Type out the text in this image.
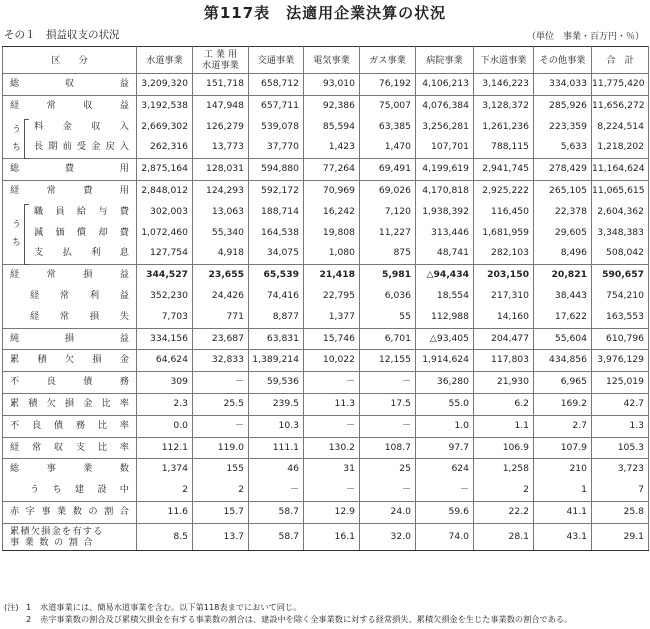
第117表　法適用企業決算の状況
その１　損益収支の状況	（単位　事業・百万円・％）
区　　分	水道事業	工 業 用
水道事業	交通事業	電気事業	ガス事業	病院事業	下水道事業	その他事業	合　計

総収益	3,209,320	151,718	658,712	93,010	76,192	4,106,213	3,146,223	334,033	11,775,420

経常収益	3,192,538	147,948	657,711	92,386	75,007	4,076,384	3,128,372	285,926	11,656,272

料金収入	2,669,302	126,279	539,078	85,594	63,385	3,256,281	1,261,236	223,359	8,224,514

長期前受金戻入	262,316	13,773	37,770	1,423	1,470	107,701	788,115	5,633	1,218,202

総費用	2,875,164	128,031	594,880	77,264	69,491	4,199,619	2,941,745	278,429	11,164,624

経常費用	2,848,012	124,293	592,172	70,969	69,026	4,170,818	2,925,222	265,105	11,065,615

職員給与費	302,003	13,063	188,714	16,242	7,120	1,938,392	116,450	22,378	2,604,362

減価償却費	1,072,460	55,340	164,538	19,808	11,227	313,446	1,681,959	29,605	3,348,383

支払利息	127,754	4,918	34,075	1,080	875	48,741	282,103	8,496	508,042

経常損益	344,527	23,655	65,539	21,418	5,981	△94,434	203,150	20,821	590,657

経常利益	352,230	24,426	74,416	22,795	6,036	18,554	217,310	38,443	754,210

経常損失	7,703	771	8,877	1,377	55	112,988	14,160	17,622	163,553

純損益	334,156	23,687	63,831	15,746	6,701	△93,405	204,477	55,604	610,796

累積欠損金	64,624	32,833	1,389,214	10,022	12,155	1,914,624	117,803	434,856	3,976,129

不良債務	309	－	59,536	－	－	36,280	21,930	6,965	125,019

累積欠損金比率	2.3	25.5	239.5	11.3	17.5	55.0	6.2	169.2	42.7

不良債務比率	0.0	－	10.3	－	－	1.0	1.1	2.7	1.3

経常収支比率	112.1	119.0	111.1	130.2	108.7	97.7	106.9	107.9	105.3

総事業数	1,374	155	46	31	25	624	1,258	210	3,723

うち建設中	2	2	－	－	－	－	2	1	7

赤字事業数の割合	11.6	15.7	58.7	12.9	24.0	59.6	22.2	41.1	25.8

累積欠損金を有する
事業数の割合	8.5	13.7	58.7	16.1	32.0	74.0	28.1	43.1	29.1
(注) 1	水道事業には、簡易水道事業を含む。以下第118表までにおいて同じ。
2	赤字事業数の割合及び累積欠損金を有する事業数の割合は、建設中を除く全事業数に対する経常損失、累積欠損金を生じた事業数の割合である。
う　ち
う　ち
